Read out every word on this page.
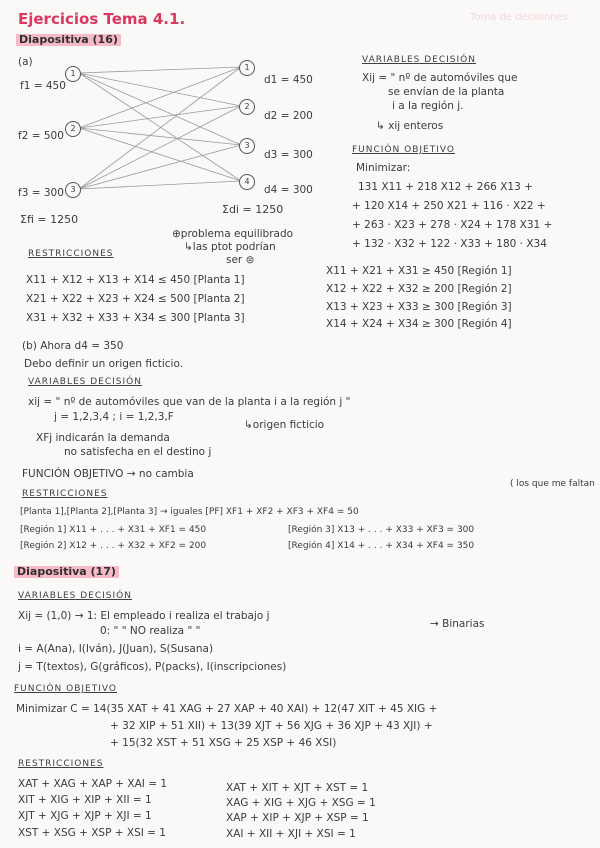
Ejercicios Tema 4.1.	Toma de decisiones
Diapositiva (16)
(a)
1
2
3
1
2
3
4
f1 = 450
f2 = 500
f3 = 300
d1 = 450
d2 = 200
d3 = 300
d4 = 300
Σfi = 1250
Σdi = 1250
⊕problema equilibrado
↳las ptot podrían
ser ⊜
VARIABLES DECISIÓN
Xij = " nº de automóviles que
se envían de la planta
i a la región j.
↳ xij enteros
FUNCIÓN OBJETIVO
Minimizar:
131 X11 + 218 X12 + 266 X13 +
+ 120 X14 + 250 X21 + 116 · X22 +
+ 263 · X23 + 278 · X24 + 178 X31 +
+ 132 · X32 + 122 · X33 + 180 · X34
RESTRICCIONES
X11 + X12 + X13 + X14 ≤ 450 [Planta 1]
X21 + X22 + X23 + X24 ≤ 500 [Planta 2]
X31 + X32 + X33 + X34 ≤ 300 [Planta 3]
X11 + X21 + X31 ≥ 450 [Región 1]
X12 + X22 + X32 ≥ 200 [Región 2]
X13 + X23 + X33 ≥ 300 [Región 3]
X14 + X24 + X34 ≥ 300 [Región 4]
(b) Ahora d4 = 350
Debo definir un origen ficticio.
VARIABLES DECISIÓN
xij = " nº de automóviles que van de la planta i a la región j "
j = 1,2,3,4 ; i = 1,2,3,F
↳origen ficticio
XFj indicarán la demanda
no satisfecha en el destino j
FUNCIÓN OBJETIVO → no cambia
RESTRICCIONES
( los que me faltan
[Planta 1],[Planta 2],[Planta 3] → iguales [PF] XF1 + XF2 + XF3 + XF4 = 50
[Región 1] X11 + . . . + X31 + XF1 = 450
[Región 2] X12 + . . . + X32 + XF2 = 200
[Región 3] X13 + . . . + X33 + XF3 = 300
[Región 4] X14 + . . . + X34 + XF4 = 350
Diapositiva (17)
VARIABLES DECISIÓN
Xij = (1,0) → 1: El empleado i realiza el trabajo j
→ Binarias
0: " " NO realiza " "
i = A(Ana), I(Iván), J(Juan), S(Susana)
j = T(textos), G(gráficos), P(packs), I(inscripciones)
FUNCIÓN OBJETIVO
Minimizar C = 14(35 XAT + 41 XAG + 27 XAP + 40 XAI) + 12(47 XIT + 45 XIG +
+ 32 XIP + 51 XII) + 13(39 XJT + 56 XJG + 36 XJP + 43 XJI) +
+ 15(32 XST + 51 XSG + 25 XSP + 46 XSI)
RESTRICCIONES
XAT + XAG + XAP + XAI = 1
XIT + XIG + XIP + XII = 1
XJT + XJG + XJP + XJI = 1
XST + XSG + XSP + XSI = 1
XAT + XIT + XJT + XST = 1
XAG + XIG + XJG + XSG = 1
XAP + XIP + XJP + XSP = 1
XAI + XII + XJI + XSI = 1
